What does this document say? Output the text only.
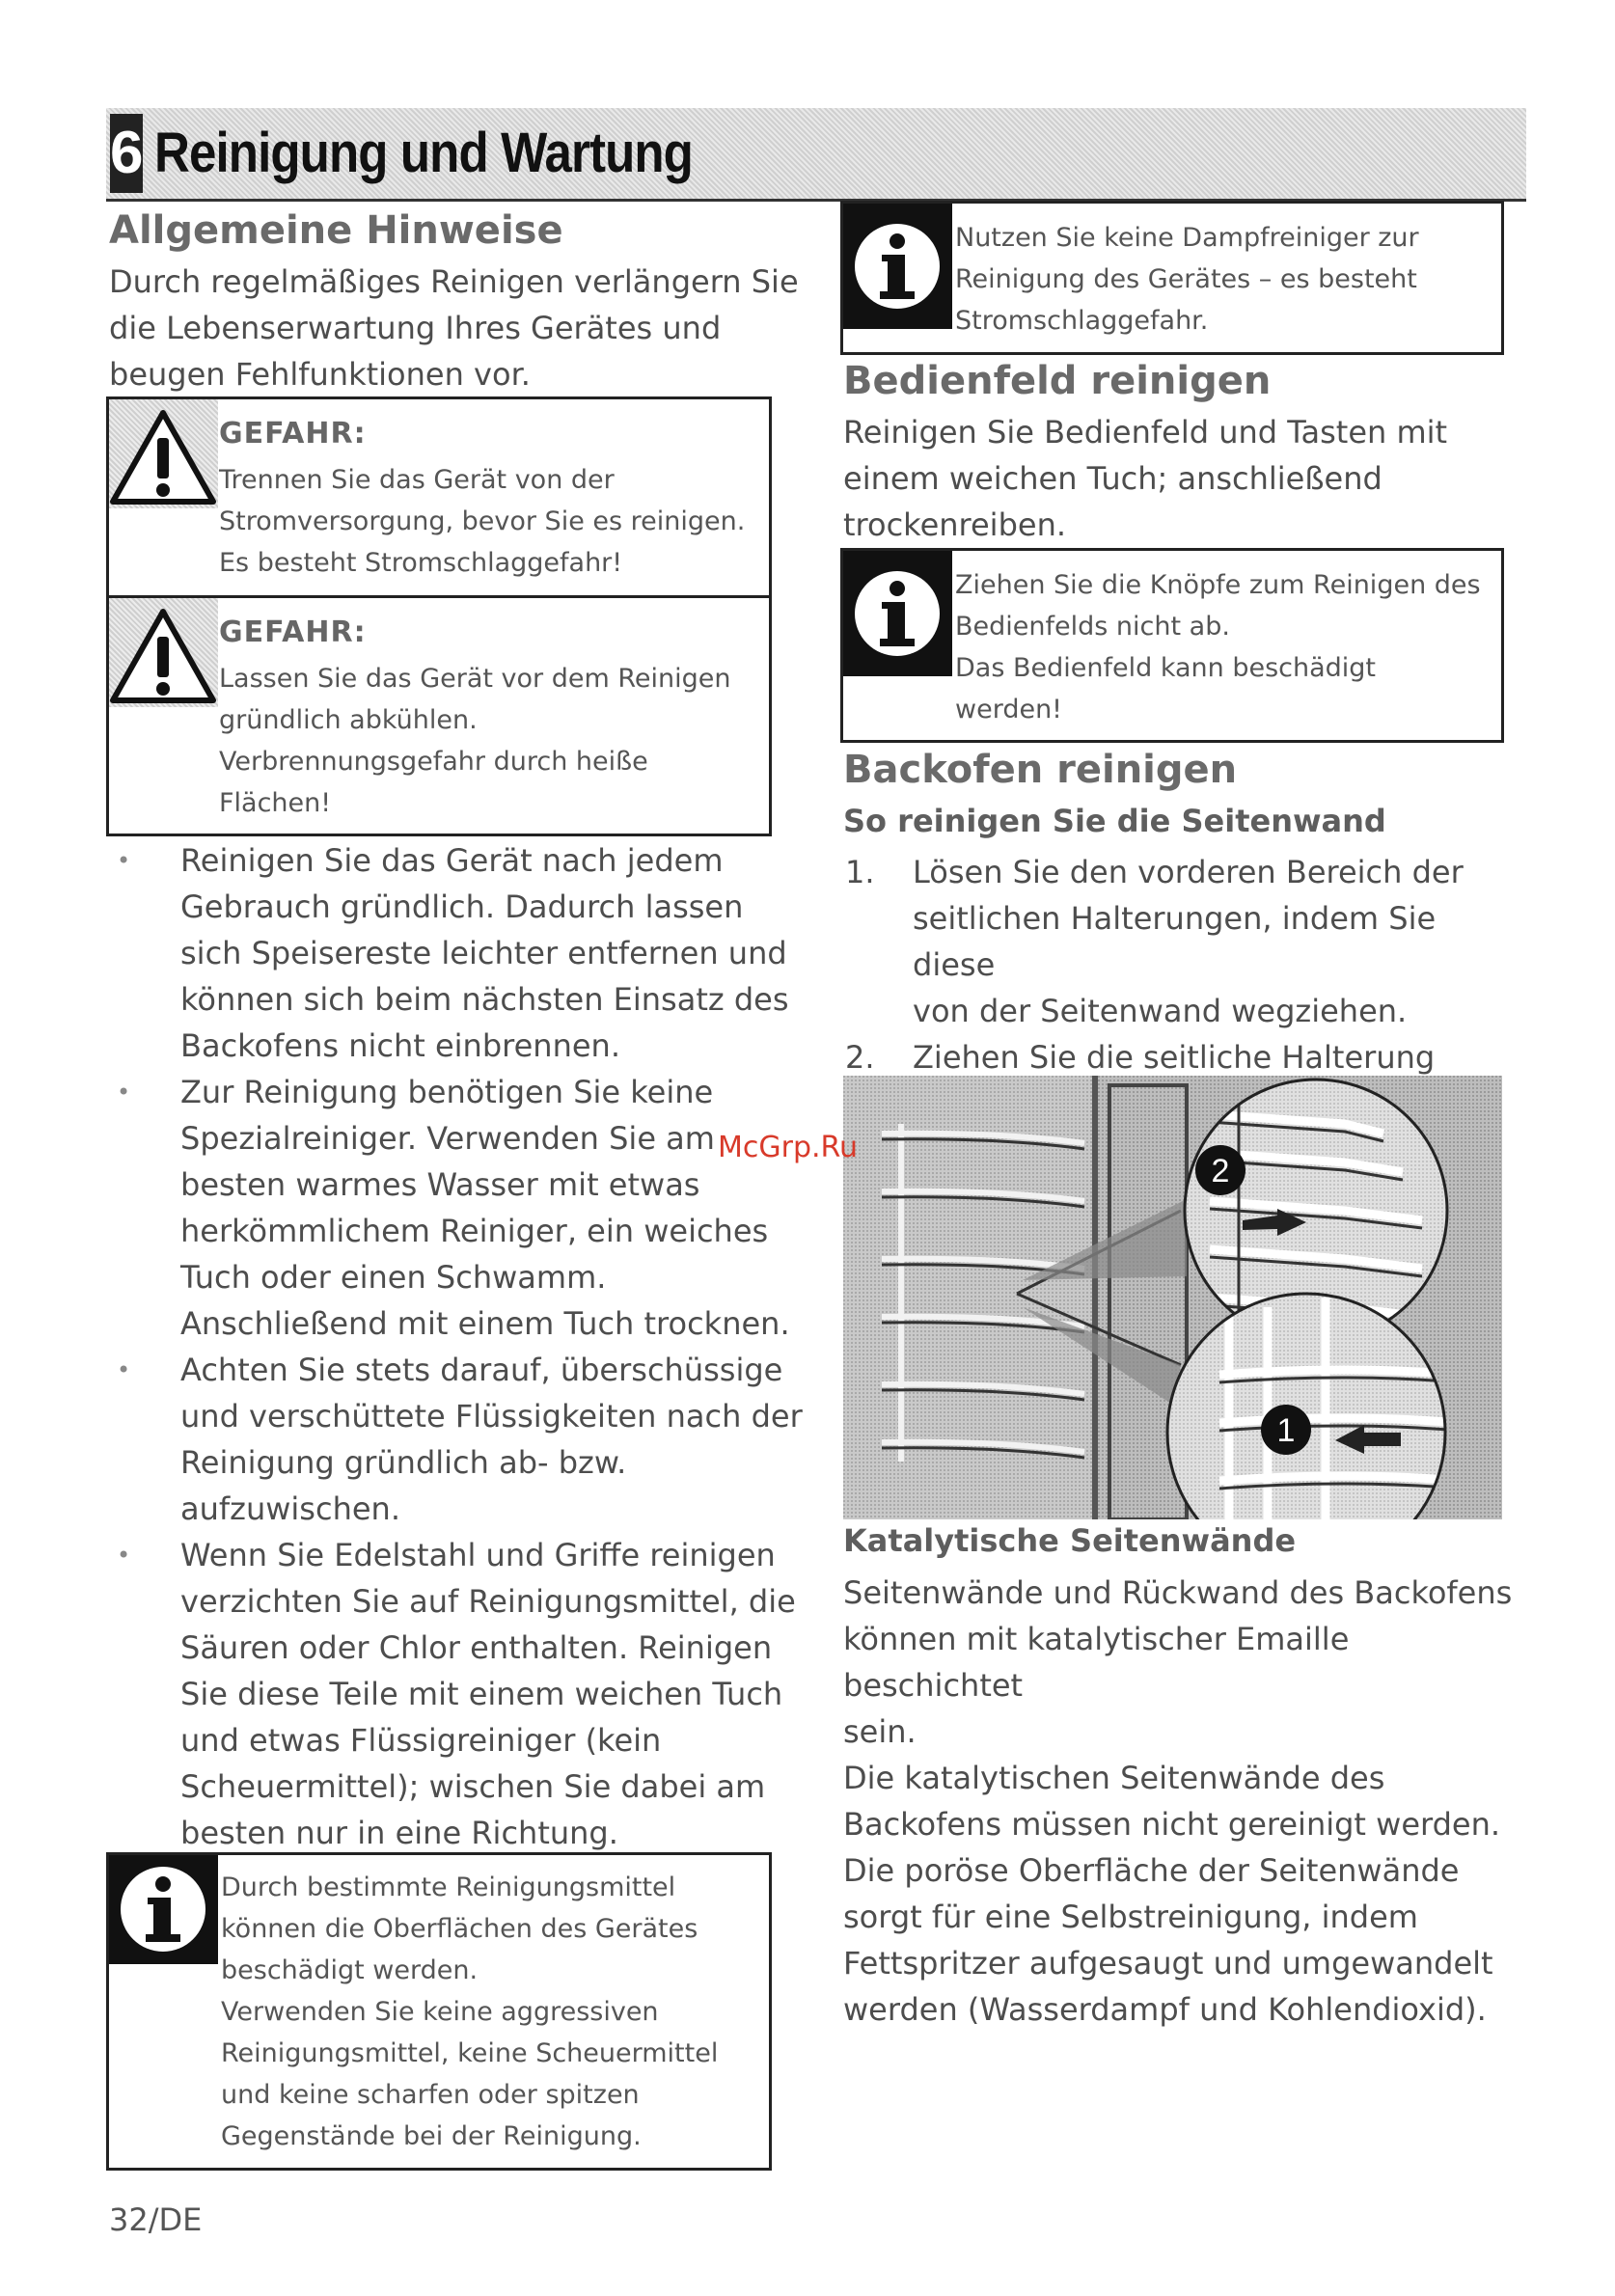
6 Reinigung und Wartung
Allgemeine Hinweise
Durch regelmäßiges Reinigen verlängern Sie
die Lebenserwartung Ihres Gerätes und
beugen Fehlfunktionen vor.
GEFAHR:
Trennen Sie das Gerät von der
Stromversorgung, bevor Sie es reinigen.
Es besteht Stromschlaggefahr!
GEFAHR:
Lassen Sie das Gerät vor dem Reinigen
gründlich abkühlen.
Verbrennungsgefahr durch heiße
Flächen!
• Reinigen Sie das Gerät nach jedem
Gebrauch gründlich. Dadurch lassen
sich Speisereste leichter entfernen und
können sich beim nächsten Einsatz des
Backofens nicht einbrennen.
• Zur Reinigung benötigen Sie keine
Spezialreiniger. Verwenden Sie am
besten warmes Wasser mit etwas
herkömmlichem Reiniger, ein weiches
Tuch oder einen Schwamm.
Anschließend mit einem Tuch trocknen.
• Achten Sie stets darauf, überschüssige
und verschüttete Flüssigkeiten nach der
Reinigung gründlich ab- bzw.
aufzuwischen.
• Wenn Sie Edelstahl und Griffe reinigen
verzichten Sie auf Reinigungsmittel, die
Säuren oder Chlor enthalten. Reinigen
Sie diese Teile mit einem weichen Tuch
und etwas Flüssigreiniger (kein
Scheuermittel); wischen Sie dabei am
besten nur in eine Richtung.
Durch bestimmte Reinigungsmittel
können die Oberflächen des Gerätes
beschädigt werden.
Verwenden Sie keine aggressiven
Reinigungsmittel, keine Scheuermittel
und keine scharfen oder spitzen
Gegenstände bei der Reinigung.
32/DE
Nutzen Sie keine Dampfreiniger zur
Reinigung des Gerätes – es besteht
Stromschlaggefahr.
Bedienfeld reinigen
Reinigen Sie Bedienfeld und Tasten mit
einem weichen Tuch; anschließend
trockenreiben.
Ziehen Sie die Knöpfe zum Reinigen des
Bedienfelds nicht ab.
Das Bedienfeld kann beschädigt
werden!
Backofen reinigen
So reinigen Sie die Seitenwand
1. Lösen Sie den vorderen Bereich der
seitlichen Halterungen, indem Sie diese
von der Seitenwand wegziehen.
2. Ziehen Sie die seitliche Halterung
2
1
Katalytische Seitenwände
Seitenwände und Rückwand des Backofens
können mit katalytischer Emaille beschichtet
sein.
Die katalytischen Seitenwände des
Backofens müssen nicht gereinigt werden.
Die poröse Oberfläche der Seitenwände
sorgt für eine Selbstreinigung, indem
Fettspritzer aufgesaugt und umgewandelt
werden (Wasserdampf und Kohlendioxid).
McGrp.Ru
